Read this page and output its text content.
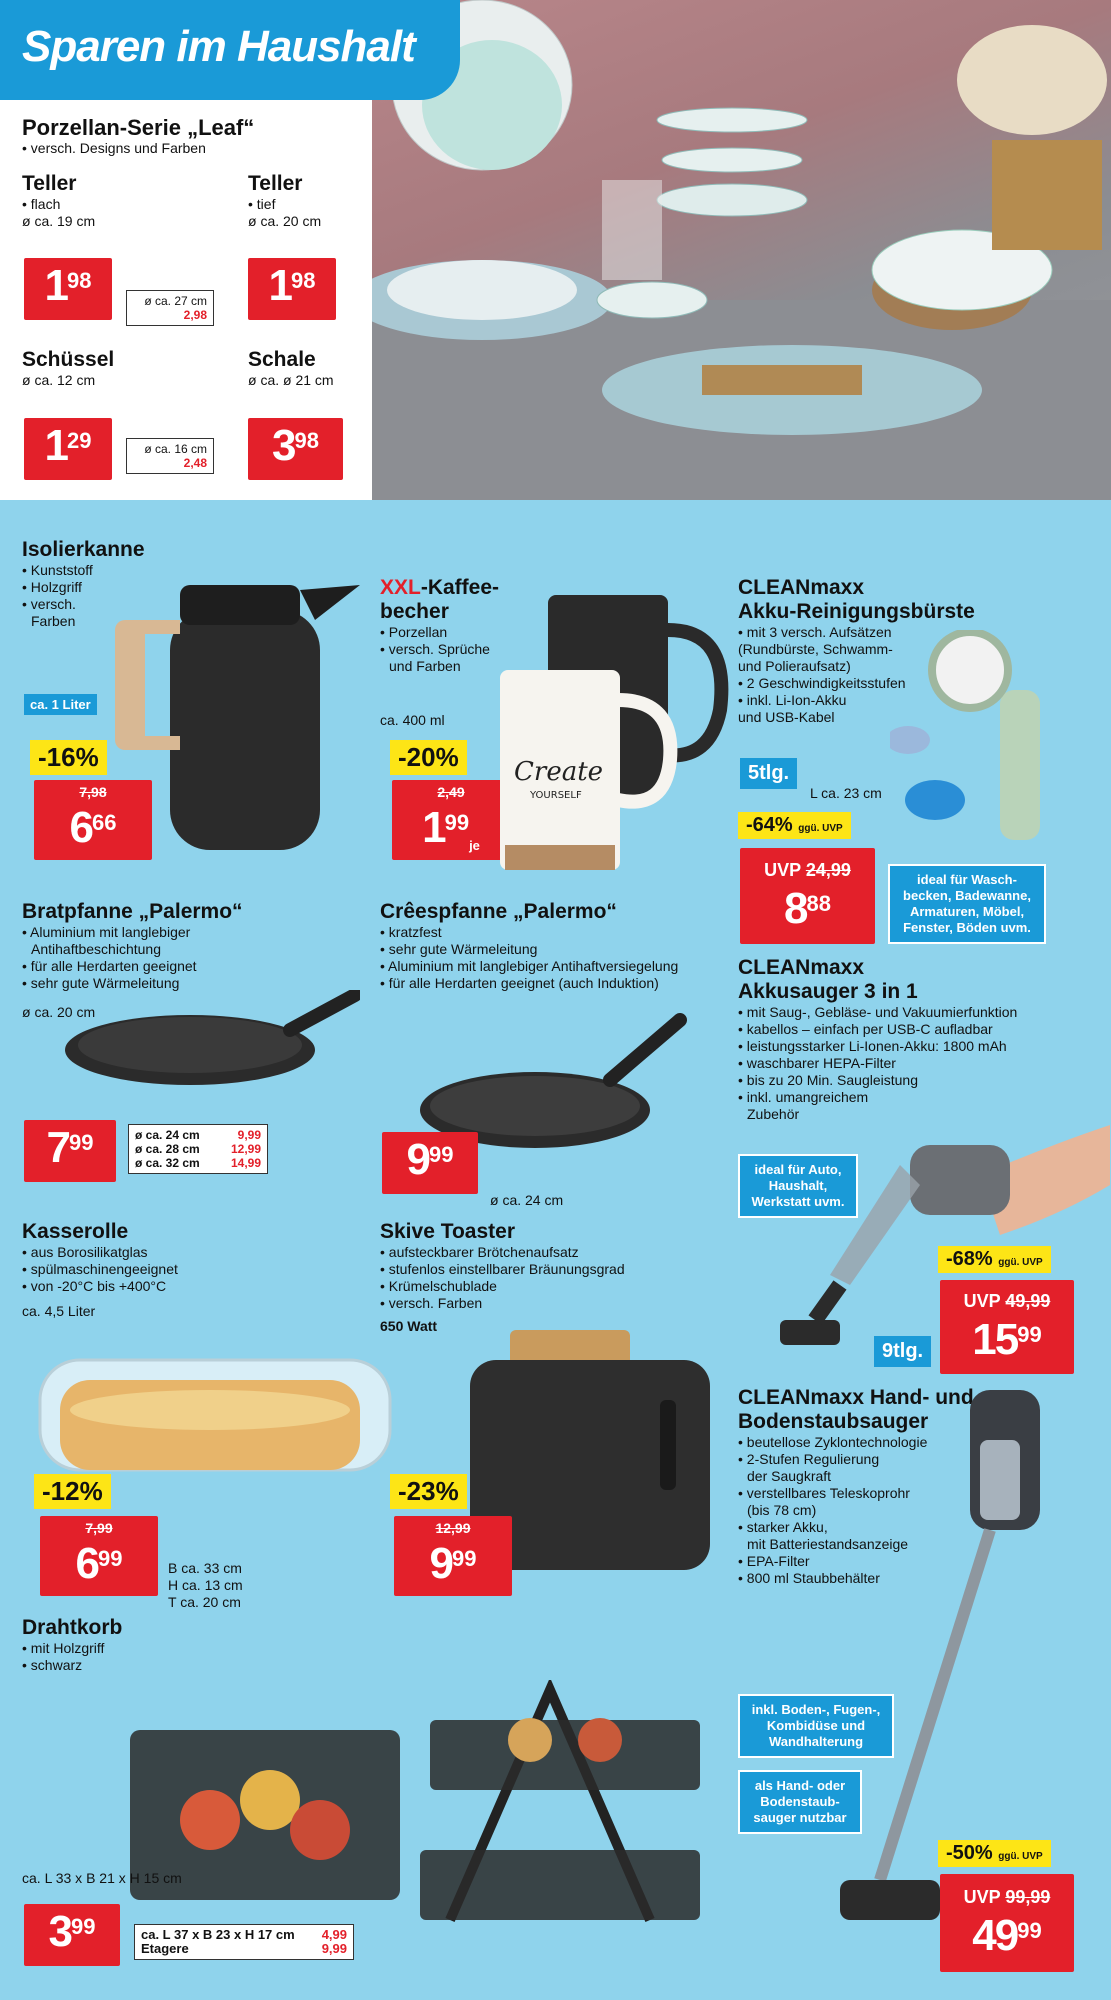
Sparen im Haushalt
Porzellan-Serie „Leaf“
• versch. Designs und Farben
Teller
• flach
ø ca. 19 cm
1 98
ø ca. 27 cm
2,98
Teller
• tief
ø ca. 20 cm
1 98
Schüssel
ø ca. 12 cm
1 29	ø ca. 16 cm
2,48
Schale
ø ca. ø 21 cm
3 98
Isolierkanne
• Kunststoff
• Holzgriff
• versch.
Farben
ca. 1 Liter
-16%
7,98
6 66
XXL-Kaffee-
becher
• Porzellan
• versch. Sprüche
und Farben
ca. 400 ml
-20%
2,49
1 99
je
Create
YOURSELF
CLEANmaxx
Akku-Reinigungsbürste
• mit 3 versch. Aufsätzen
(Rundbürste, Schwamm-
und Polieraufsatz)
• 2 Geschwindigkeitsstufen
• inkl. Li-Ion-Akku
und USB-Kabel
5tlg.
L ca. 23 cm
-64% ggü. UVP
UVP 24,99
8 88
ideal für Wasch-
becken, Badewanne,
Armaturen, Möbel,
Fenster, Böden uvm.
Bratpfanne „Palermo“
• Aluminium mit langlebiger
Antihaftbeschichtung
• für alle Herdarten geeignet
• sehr gute Wärmeleitung
ø ca. 20 cm
7 99	ø ca. 24 cm	9,99
ø ca. 28 cm	12,99
ø ca. 32 cm	14,99
Crêespfanne „Palermo“
• kratzfest
• sehr gute Wärmeleitung
• Aluminium mit langlebiger Antihaftversiegelung
• für alle Herdarten geeignet (auch Induktion)
9 99
ø ca. 24 cm
CLEANmaxx
Akkusauger 3 in 1
• mit Saug-, Gebläse- und Vakuumierfunktion
• kabellos – einfach per USB-C aufladbar
• leistungsstarker Li-Ionen-Akku: 1800 mAh
• waschbarer HEPA-Filter
• bis zu 20 Min. Saugleistung
• inkl. umangreichem
Zubehör
ideal für Auto,
Haushalt,
Werkstatt uvm.
9tlg.
-68% ggü. UVP
UVP 49,99
15 99
Kasserolle
• aus Borosilikatglas
• spülmaschinengeeignet
• von -20°C bis +400°C
ca. 4,5 Liter
-12%
7,99
6 99	B ca. 33 cm
H ca. 13 cm
T ca. 20 cm
Skive Toaster
• aufsteckbarer Brötchenaufsatz
• stufenlos einstellbarer Bräunungsgrad
• Krümelschublade
• versch. Farben
650 Watt
-23%
12,99
9 99
CLEANmaxx Hand- und
Bodenstaubsauger
• beutellose Zyklontechnologie
• 2-Stufen Regulierung
der Saugkraft
• verstellbares Teleskoprohr
(bis 78 cm)
• starker Akku,
mit Batteriestandsanzeige
• EPA-Filter
• 800 ml Staubbehälter
inkl. Boden-, Fugen-,
Kombidüse und
Wandhalterung
als Hand- oder
Bodenstaub-
sauger nutzbar
-50% ggü. UVP
UVP 99,99
49 99
Drahtkorb
• mit Holzgriff
• schwarz
ca. L 33 x B 21 x H 15 cm
3 99	ca. L 37 x B 23 x H 17 cm 4,99
Etagere	9,99
